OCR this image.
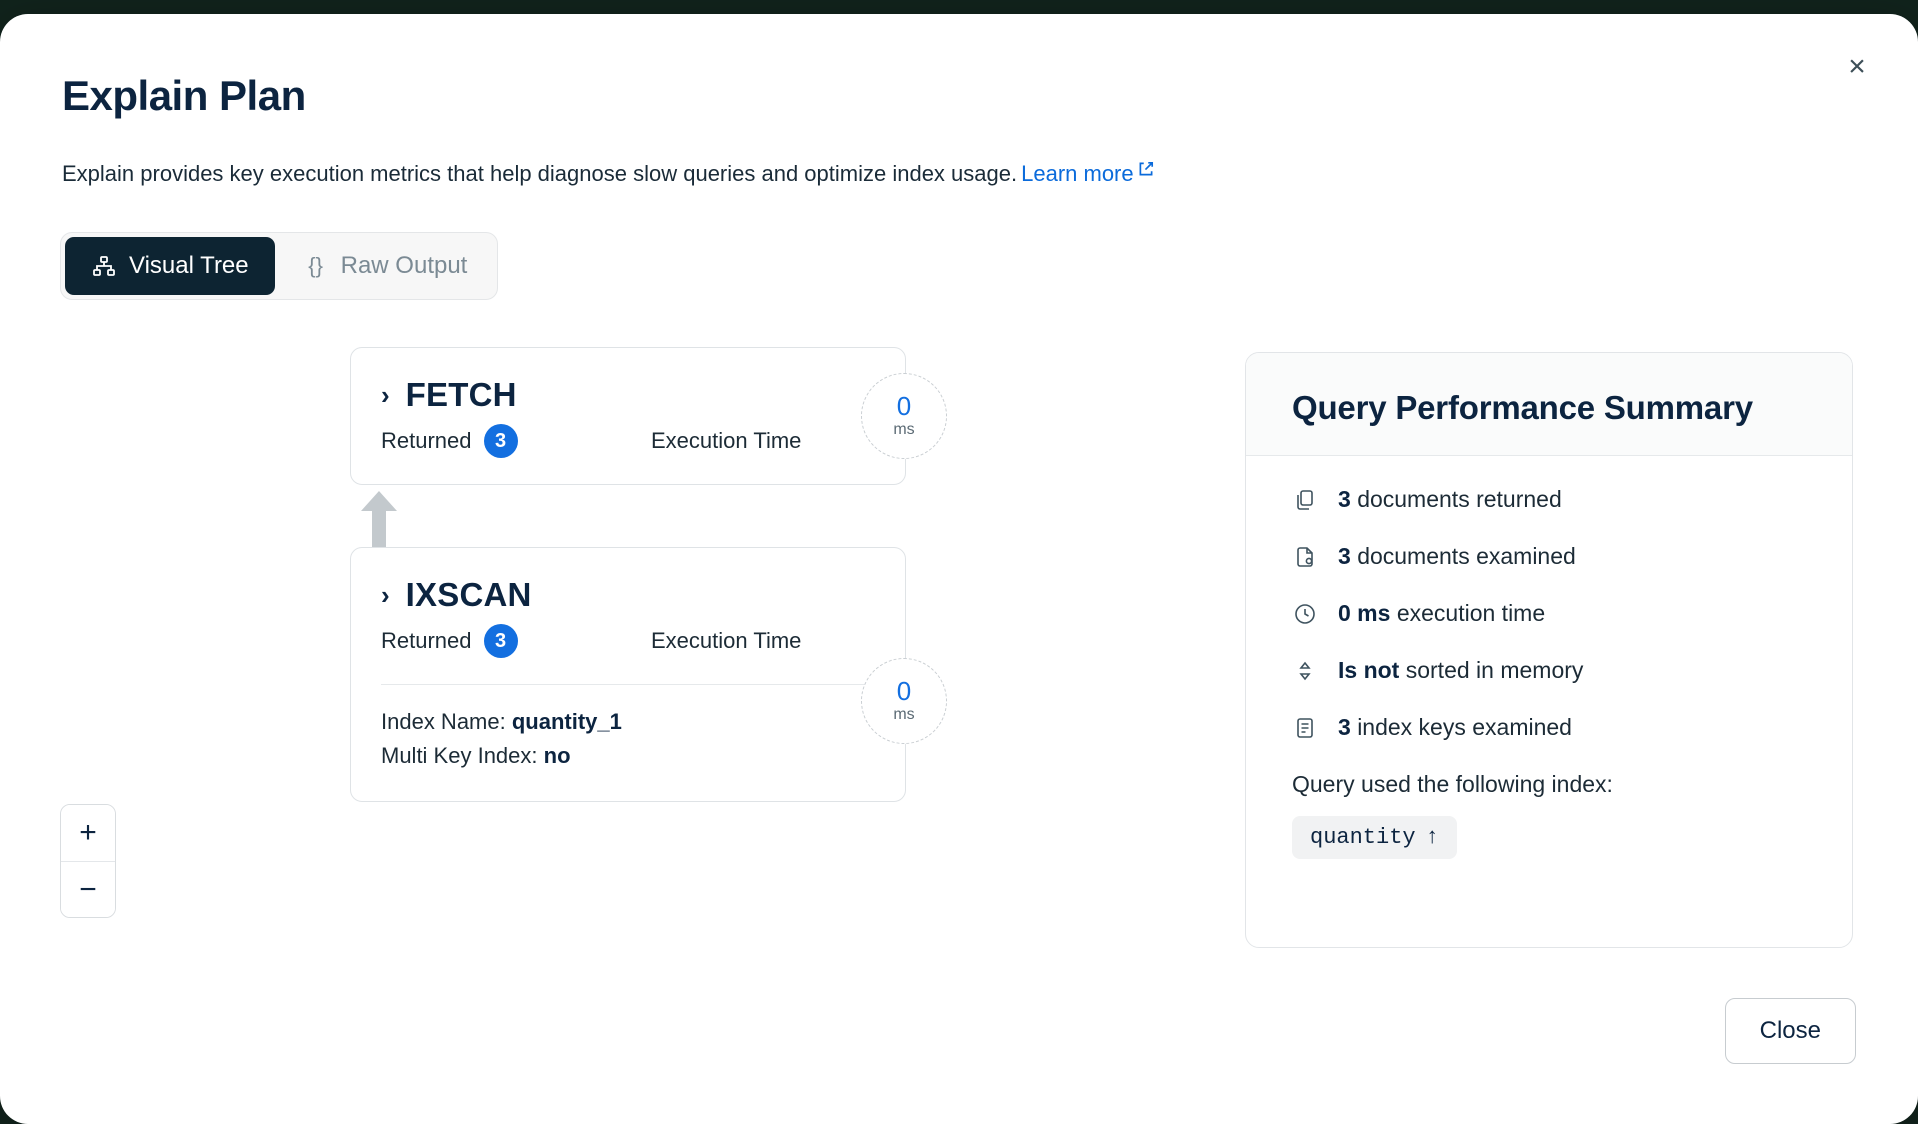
×
Explain Plan
Explain provides key execution metrics that help diagnose slow queries and optimize index usage. Learn more
Visual Tree	{} Raw Output
› FETCH
Returned	3	Execution Time
0
ms
› IXSCAN
Returned	3	Execution Time
Index Name: quantity_1
Multi Key Index: no
0
ms
+
−
Query Performance Summary
3 documents returned
3 documents examined
0 ms execution time
Is not sorted in memory
3 index keys examined
Query used the following index:
quantity ↑
Close
